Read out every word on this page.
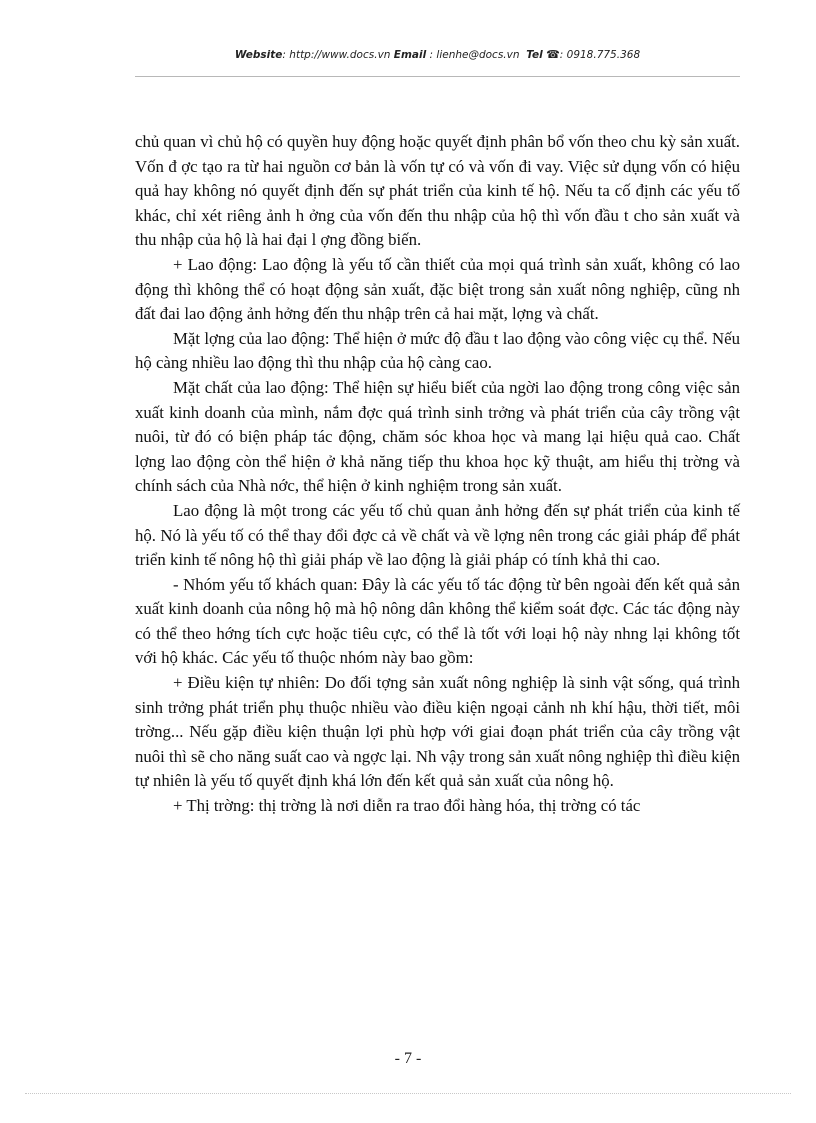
Website: http://www.docs.vn Email : lienhe@docs.vn  Tel ☎: 0918.775.368

chủ quan vì chủ hộ có quyền huy động hoặc quyết định phân bổ vốn theo chu kỳ sản xuất. Vốn đ ợc tạo ra từ hai nguồn cơ bản là vốn tự có và vốn đi vay. Việc sử dụng vốn có hiệu quả hay không nó quyết định đến sự phát triển của kinh tế hộ. Nếu ta cố định các yếu tố khác, chỉ xét riêng ảnh h ởng của vốn đến thu nhập của hộ thì vốn đầu t cho sản xuất và thu nhập của hộ là hai đại l ợng đồng biến.

+ Lao động: Lao động là yếu tố cần thiết của mọi quá trình sản xuất, không có lao động thì không thể có hoạt động sản xuất, đặc biệt trong sản xuất nông nghiệp, cũng nh đất đai lao động ảnh hởng đến thu nhập trên cả hai mặt, lợng và chất.

Mặt lợng của lao động: Thể hiện ở mức độ đầu t lao động vào công việc cụ thể. Nếu hộ càng nhiều lao động thì thu nhập của hộ càng cao.

Mặt chất của lao động: Thể hiện sự hiểu biết của ngời lao động trong công việc sản xuất kinh doanh của mình, nắm đợc quá trình sinh trởng và phát triển của cây trồng vật nuôi, từ đó có biện pháp tác động, chăm sóc khoa học và mang lại hiệu quả cao. Chất lợng lao động còn thể hiện ở khả năng tiếp thu khoa học kỹ thuật, am hiểu thị trờng và chính sách của Nhà nớc, thể hiện ở kinh nghiệm trong sản xuất.

Lao động là một trong các yếu tố chủ quan ảnh hởng đến sự phát triển của kinh tế hộ. Nó là yếu tố có thể thay đổi đợc cả về chất và về lợng nên trong các giải pháp để phát triển kinh tế nông hộ thì giải pháp về lao động là giải pháp có tính khả thi cao.

- Nhóm yếu tố khách quan: Đây là các yếu tố tác động từ bên ngoài đến kết quả sản xuất kinh doanh của nông hộ mà hộ nông dân không thể kiểm soát đợc. Các tác động này có thể theo hớng tích cực hoặc tiêu cực, có thể là tốt với loại hộ này nhng lại không tốt với hộ khác. Các yếu tố thuộc nhóm này bao gồm:

+ Điều kiện tự nhiên: Do đối tợng sản xuất nông nghiệp là sinh vật sống, quá trình sinh trởng phát triển phụ thuộc nhiều vào điều kiện ngoại cảnh nh khí hậu, thời tiết, môi trờng... Nếu gặp điều kiện thuận lợi phù hợp với giai đoạn phát triển của cây trồng vật nuôi thì sẽ cho năng suất cao và ngợc lại. Nh vậy trong sản xuất nông nghiệp thì điều kiện tự nhiên là yếu tố quyết định khá lớn đến kết quả sản xuất của nông hộ.

+ Thị trờng: thị trờng là nơi diễn ra trao đổi hàng hóa, thị trờng có tác

- 7 -
